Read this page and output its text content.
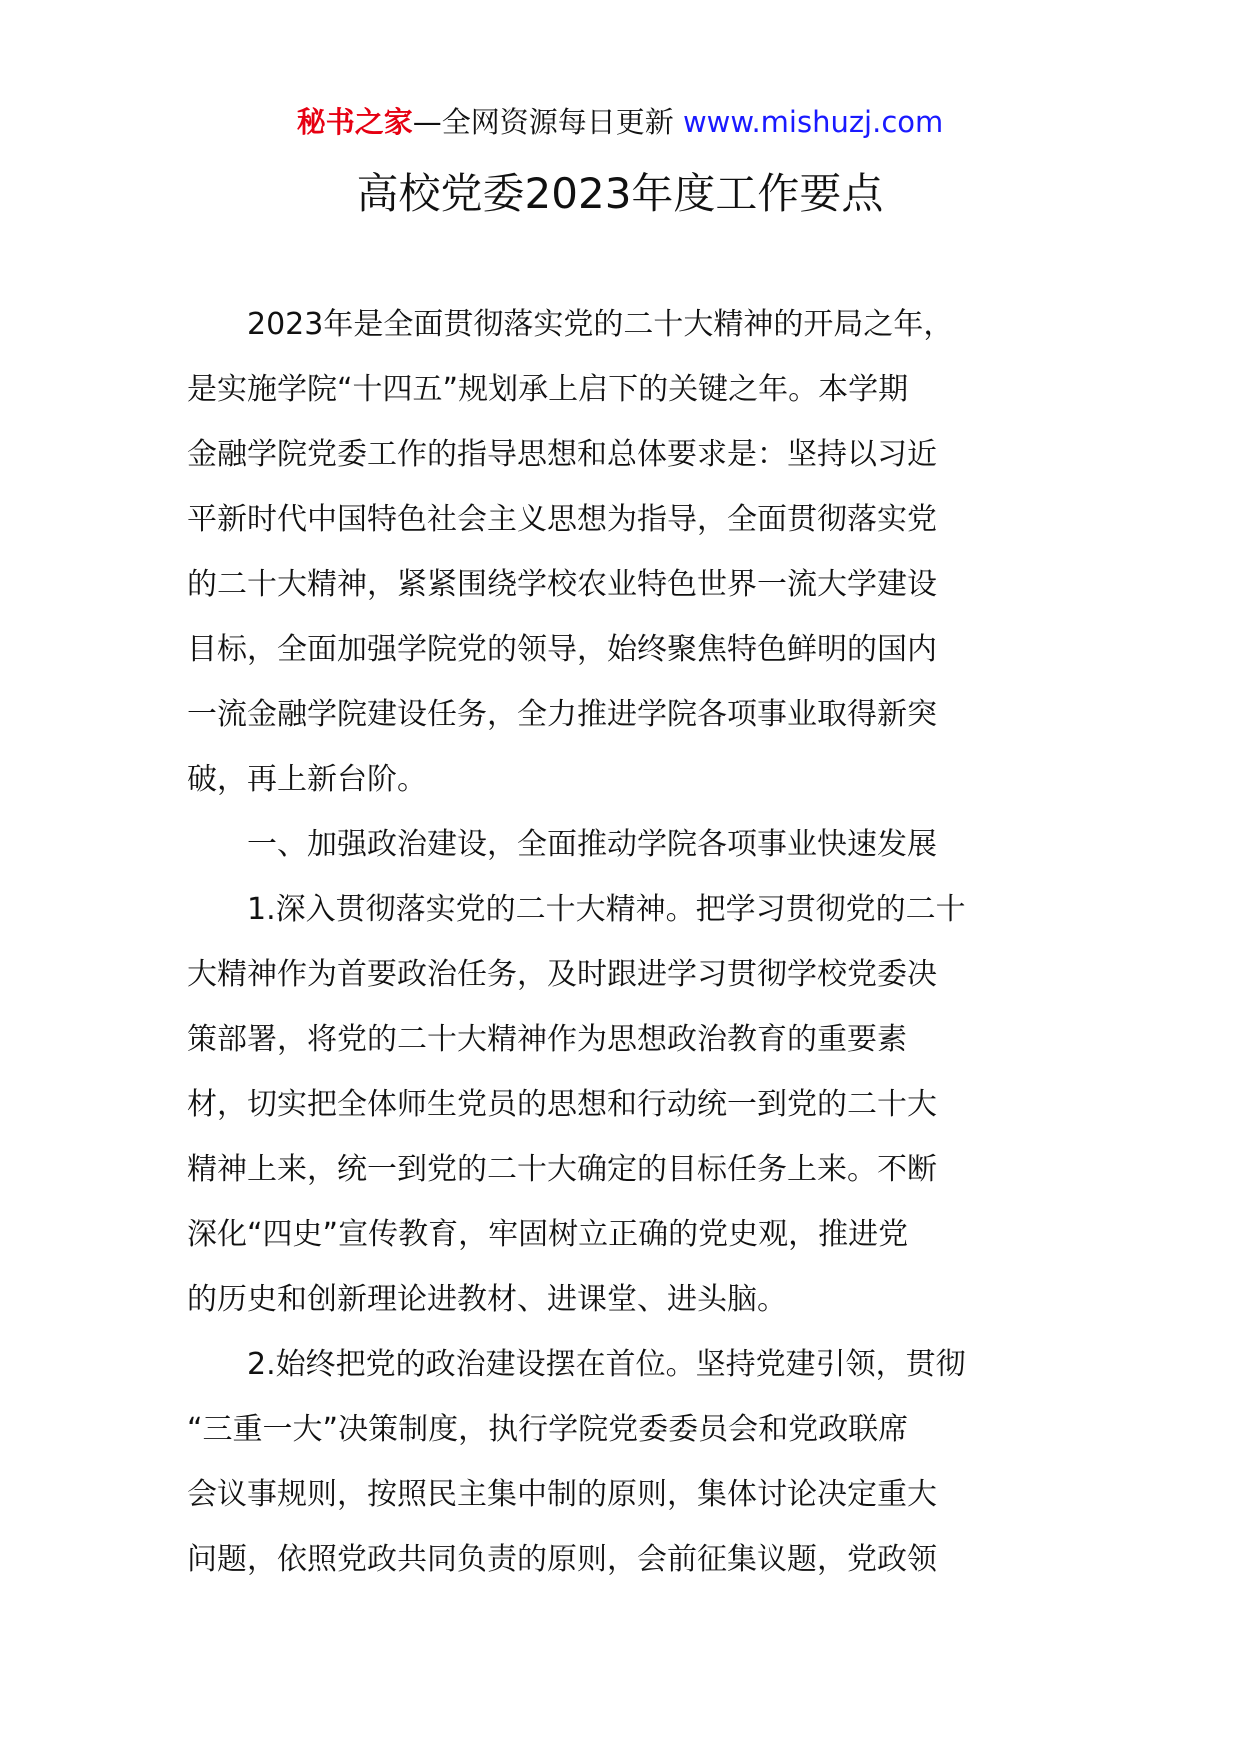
秘书之家—全网资源每日更新 www.mishuzj.com
高校党委2023年度工作要点
　　2023年是全面贯彻落实党的二十大精神的开局之年，
是实施学院“十四五”规划承上启下的关键之年。本学期
金融学院党委工作的指导思想和总体要求是：坚持以习近
平新时代中国特色社会主义思想为指导，全面贯彻落实党
的二十大精神，紧紧围绕学校农业特色世界一流大学建设
目标，全面加强学院党的领导，始终聚焦特色鲜明的国内
一流金融学院建设任务，全力推进学院各项事业取得新突
破，再上新台阶。
　　一、加强政治建设，全面推动学院各项事业快速发展
　　1.深入贯彻落实党的二十大精神。把学习贯彻党的二十
大精神作为首要政治任务，及时跟进学习贯彻学校党委决
策部署，将党的二十大精神作为思想政治教育的重要素
材，切实把全体师生党员的思想和行动统一到党的二十大
精神上来，统一到党的二十大确定的目标任务上来。不断
深化“四史”宣传教育，牢固树立正确的党史观，推进党
的历史和创新理论进教材、进课堂、进头脑。
　　2.始终把党的政治建设摆在首位。坚持党建引领，贯彻
“三重一大”决策制度，执行学院党委委员会和党政联席
会议事规则，按照民主集中制的原则，集体讨论决定重大
问题，依照党政共同负责的原则，会前征集议题，党政领
